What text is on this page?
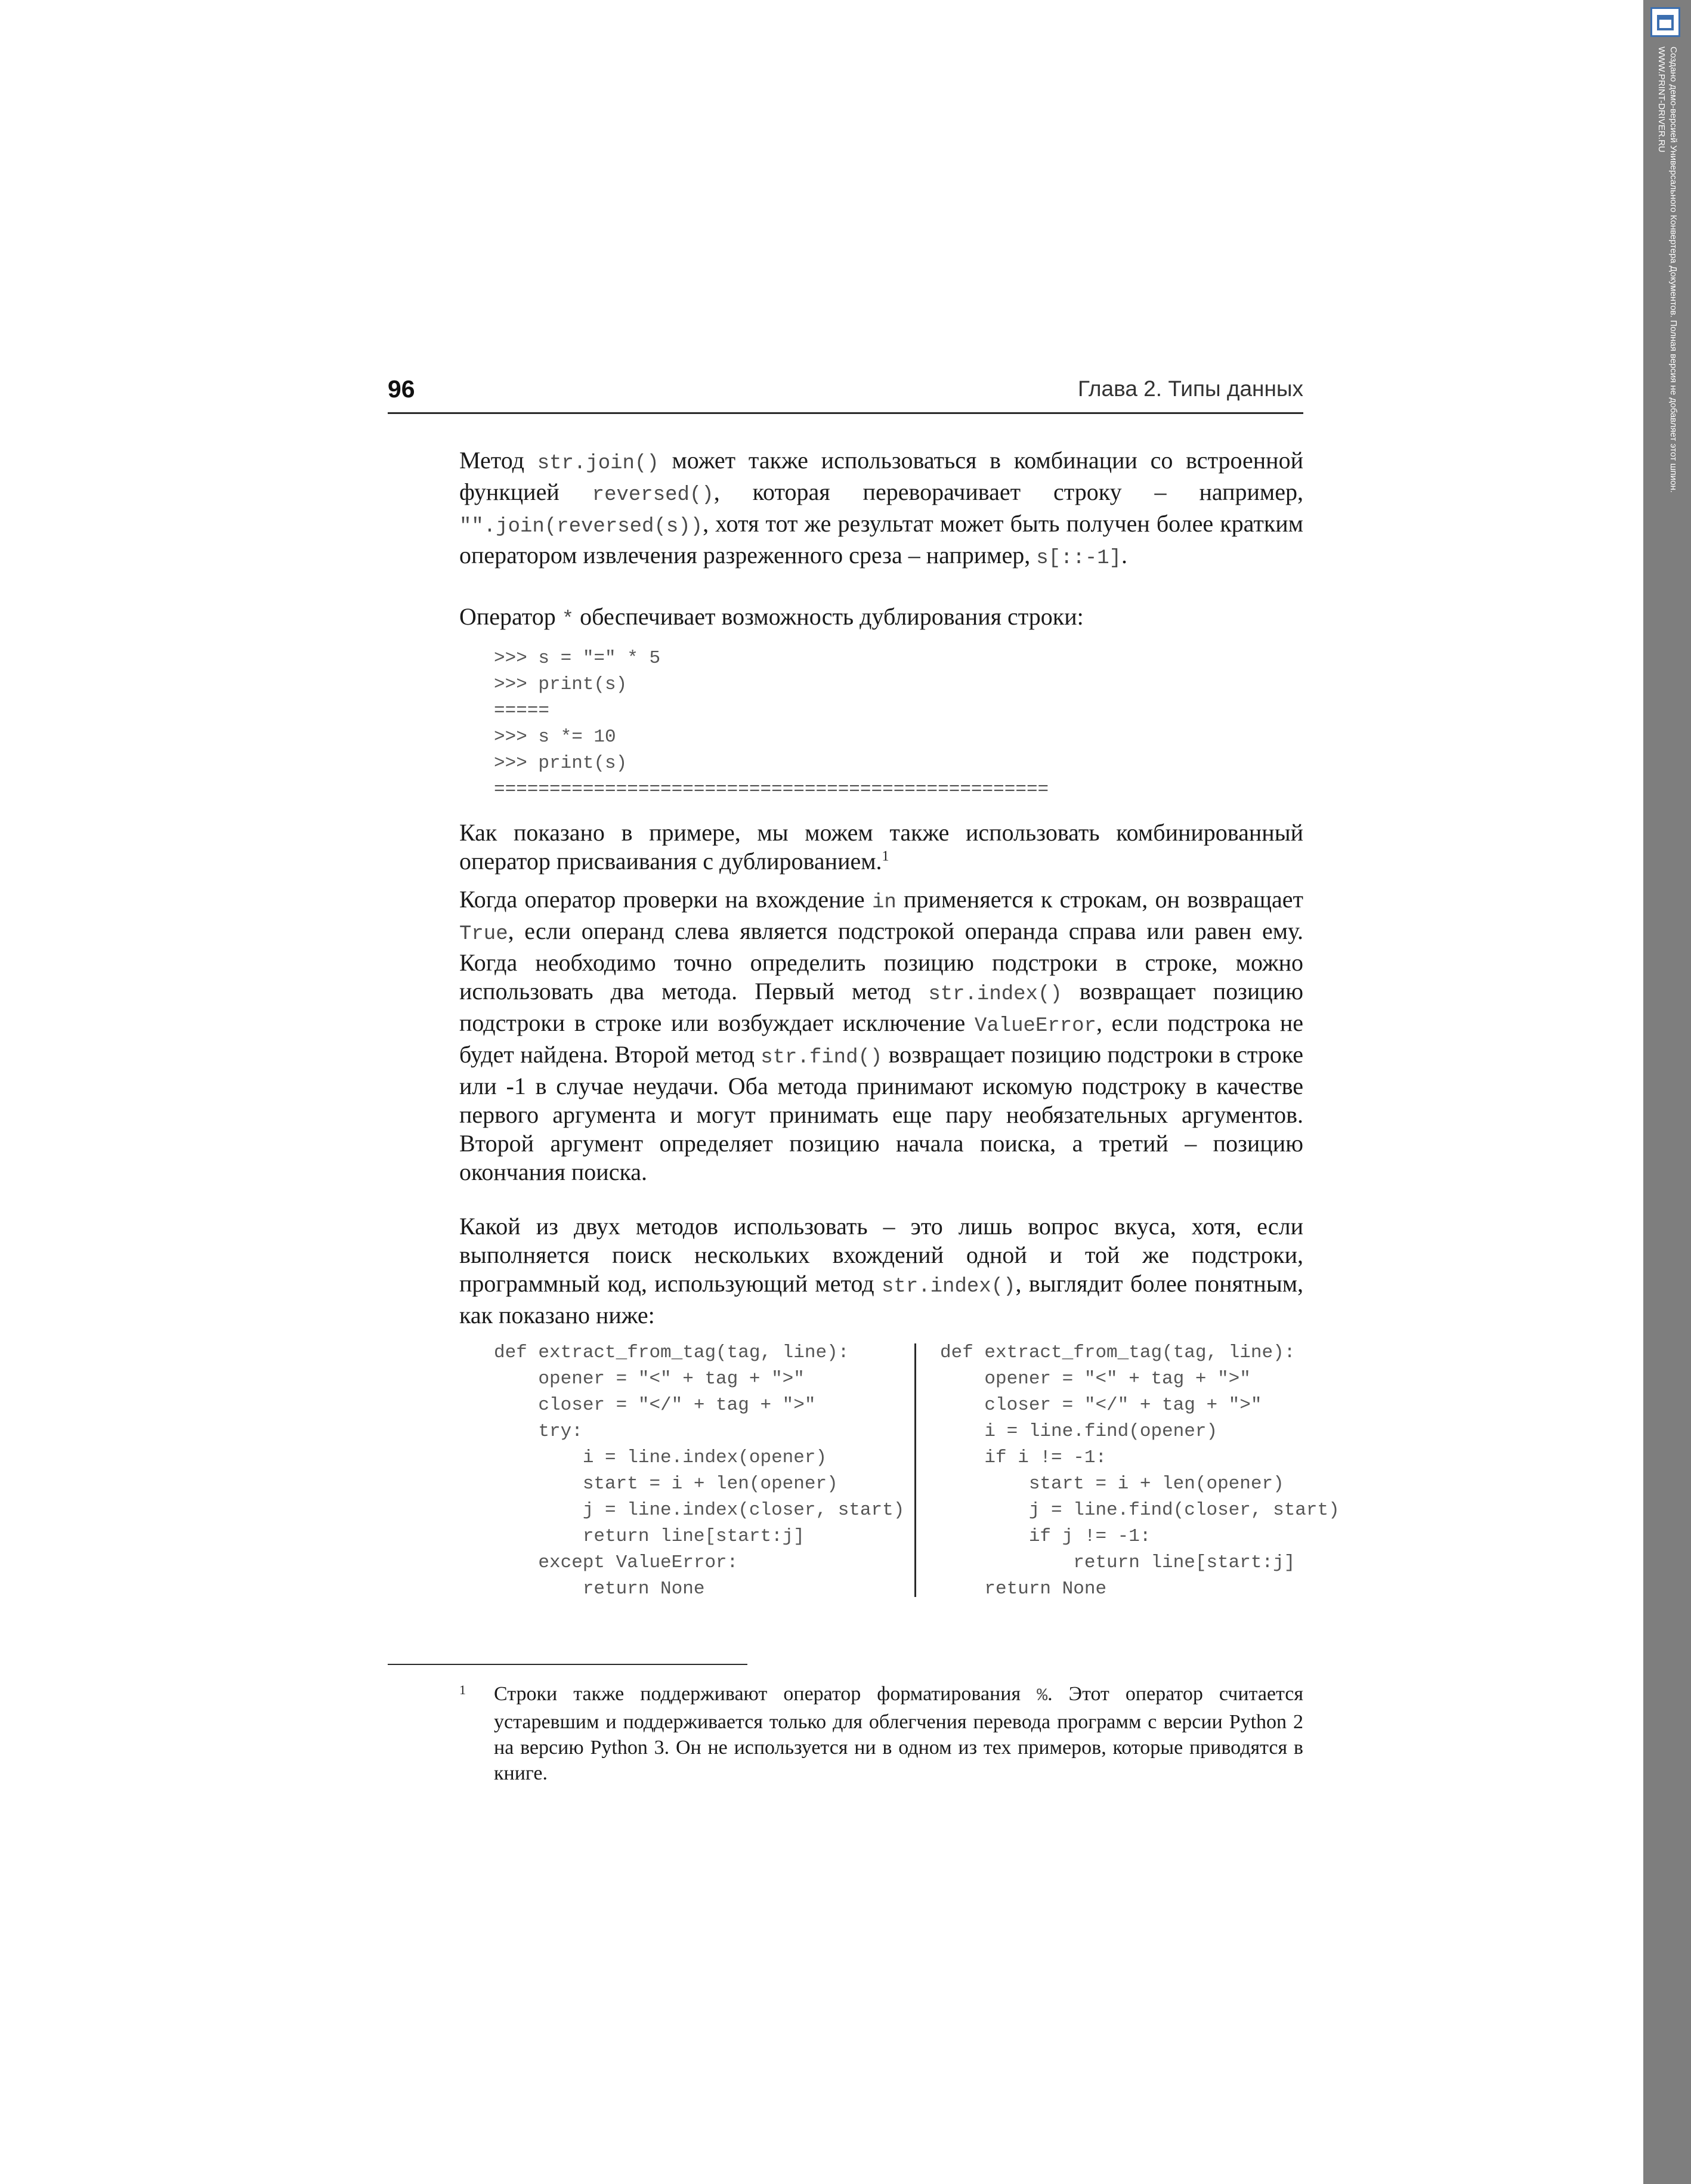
96	Глава 2. Типы данных

Метод str.join() может также использоваться в комбинации со встроенной функцией reversed(), которая переворачивает строку – например, "".join(reversed(s)), хотя тот же результат может быть получен более кратким оператором извлечения разреженного среза – например, s[::-1].

Оператор * обеспечивает возможность дублирования строки:

>>> s = "=" * 5
>>> print(s)
=====
>>> s *= 10
>>> print(s)
==================================================

Как показано в примере, мы можем также использовать комбинированный оператор присваивания с дублированием.$^1$

Когда оператор проверки на вхождение in применяется к строкам, он возвращает True, если операнд слева является подстрокой операнда справа или равен ему. Когда необходимо точно определить позицию подстроки в строке, можно использовать два метода. Первый метод str.index() возвращает позицию подстроки в строке или возбуждает исключение ValueError, если подстрока не будет найдена. Второй метод str.find() возвращает позицию подстроки в строке или -1 в случае неудачи. Оба метода принимают искомую подстроку в качестве первого аргумента и могут принимать еще пару необязательных аргументов. Второй аргумент определяет позицию начала поиска, а третий – позицию окончания поиска.

Какой из двух методов использовать – это лишь вопрос вкуса, хотя, если выполняется поиск нескольких вхождений одной и той же подстроки, программный код, использующий метод str.index(), выглядит более понятным, как показано ниже:

def extract_from_tag(tag, line):
opener = "<" + tag + ">"
closer = "</" + tag + ">"
try:
i = line.index(opener)
start = i + len(opener)
j = line.index(closer, start)
return line[start:j]
except ValueError:
return None
def extract_from_tag(tag, line):
opener = "<" + tag + ">"
closer = "</" + tag + ">"
i = line.find(opener)
if i != -1:
start = i + len(opener)
j = line.find(closer, start)
if j != -1:
return line[start:j]
return None
1 Строки также поддерживают оператор форматирования %. Этот оператор считается устаревшим и поддерживается только для облегчения перевода программ с версии Python 2 на версию Python 3. Он не используется ни в одном из тех примеров, которые приводятся в книге.

Создано демо-версией Универсального Конвертера Документов. Полная версия не добавляет этот шпион.
WWW.PRINT-DRIVER.RU
